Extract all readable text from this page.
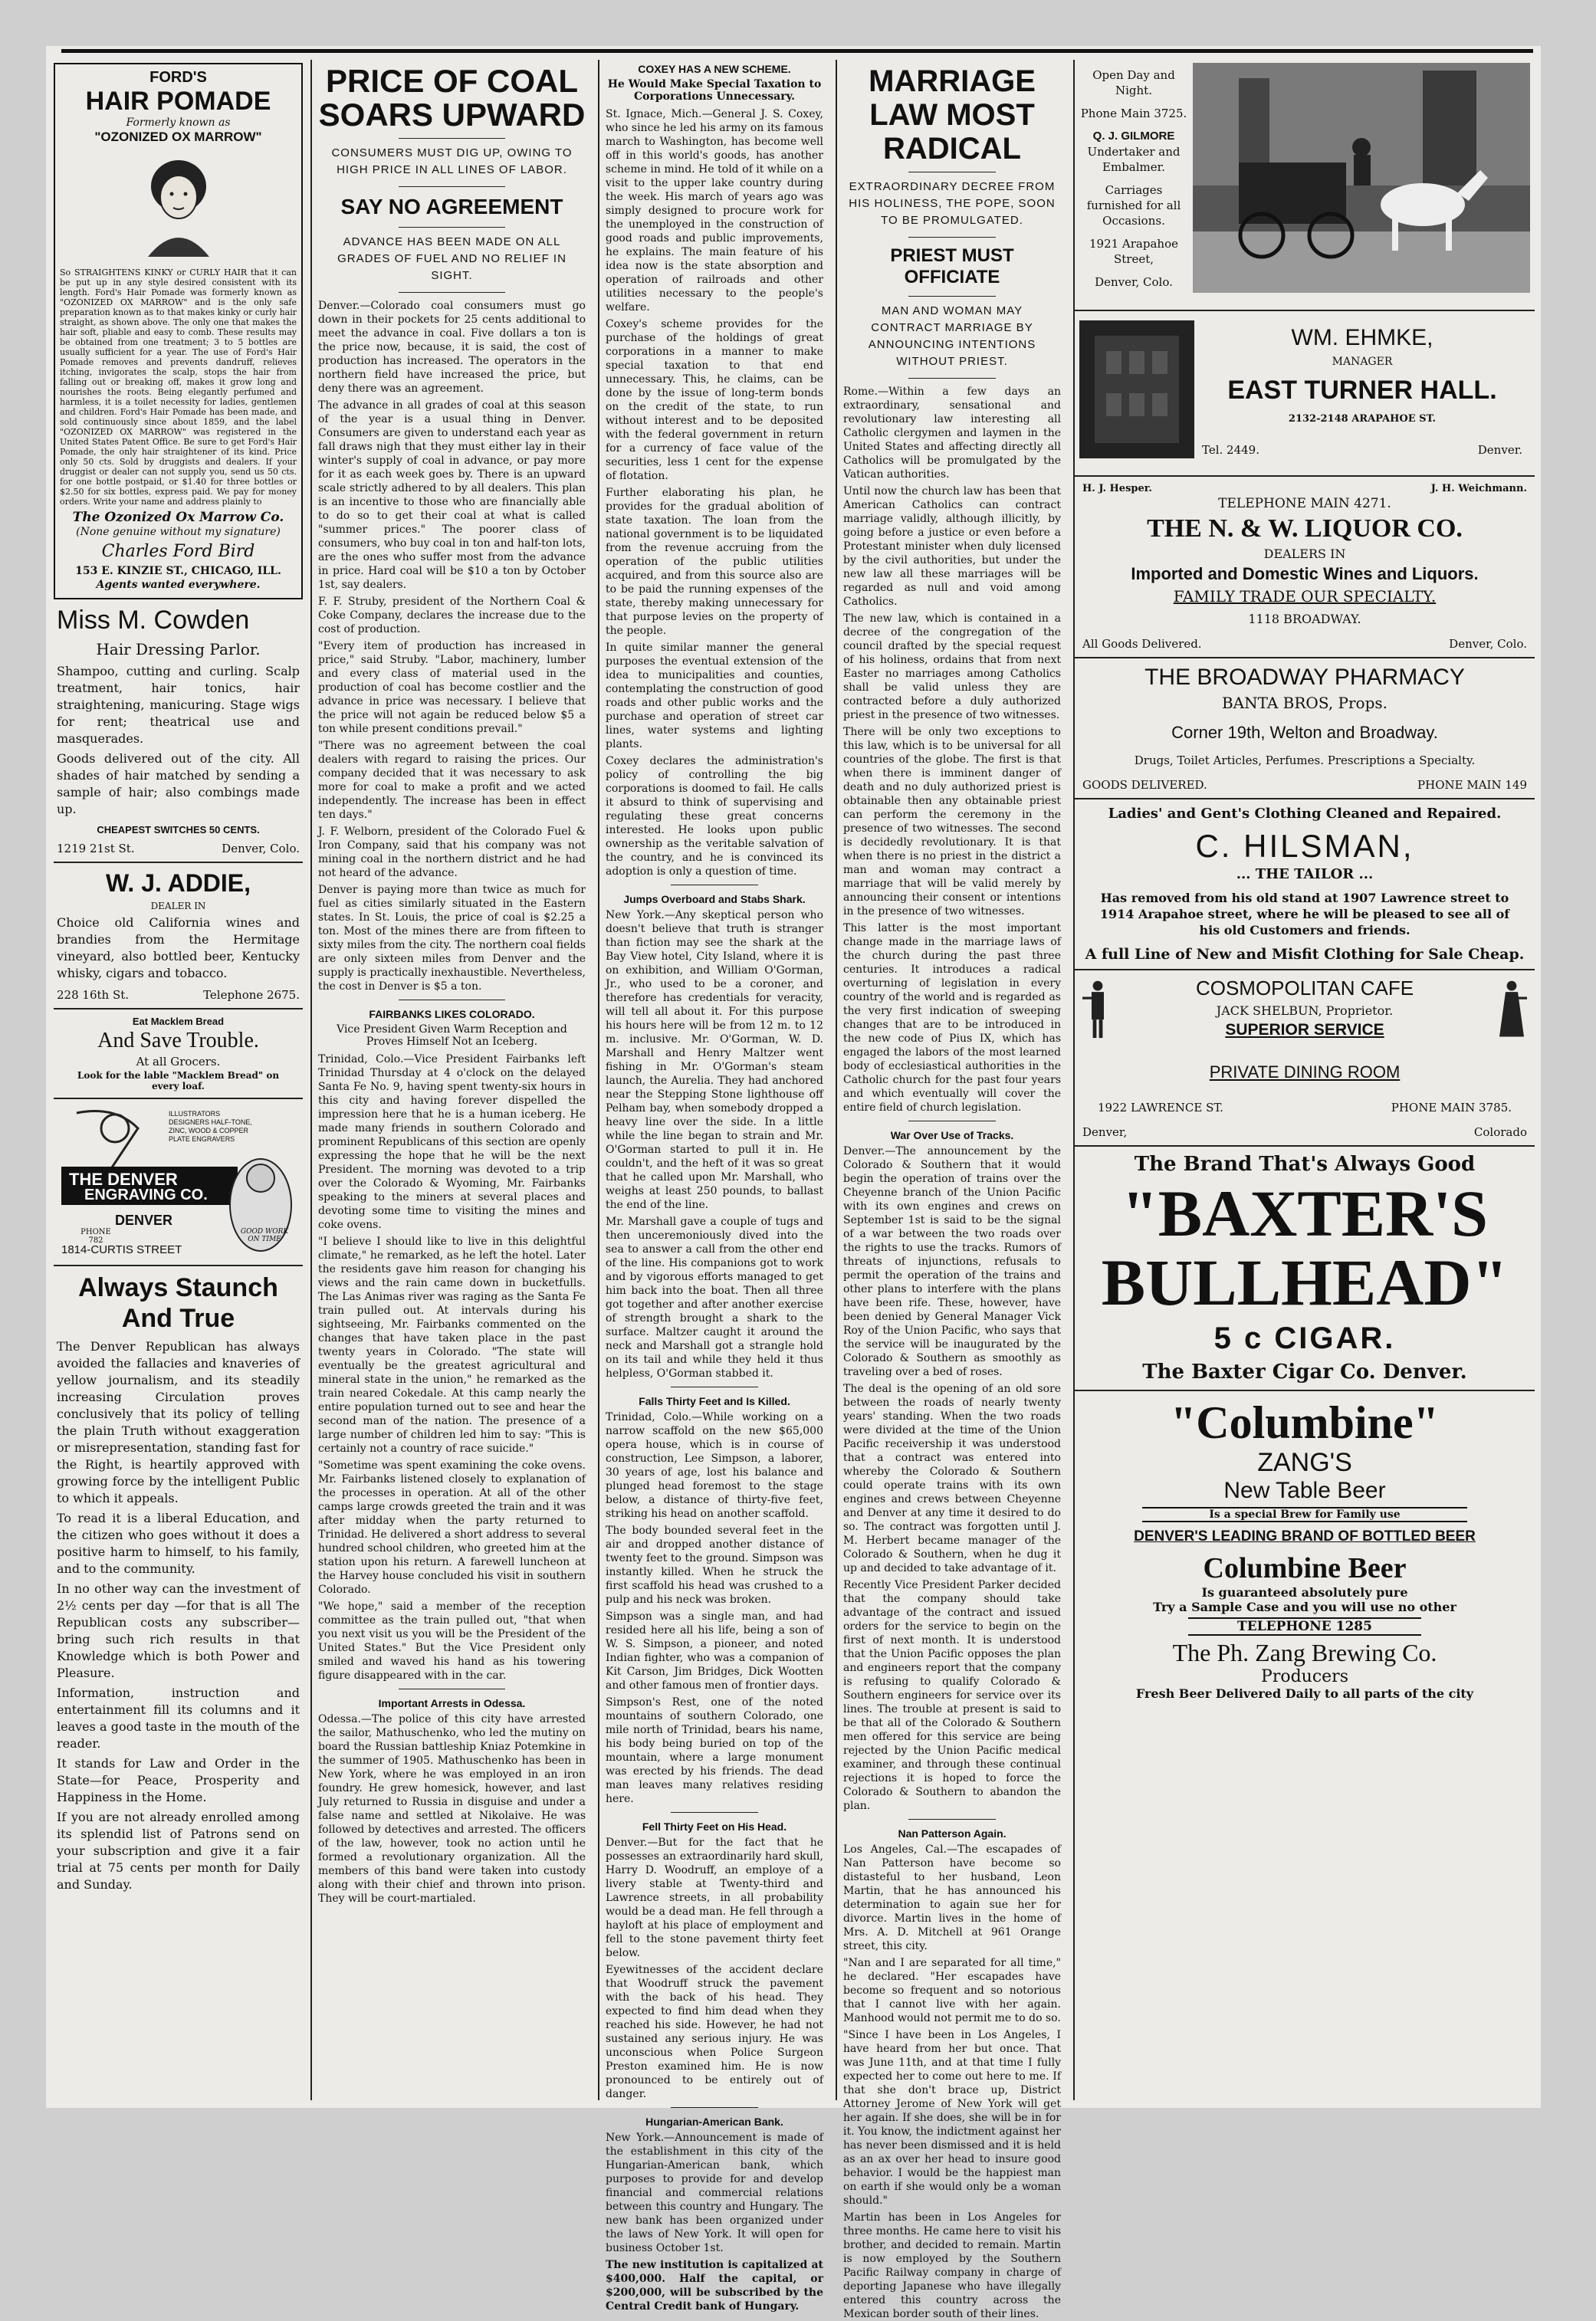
FORD'S
HAIR POMADE
Formerly known as
"OZONIZED OX MARROW"
So STRAIGHTENS KINKY or CURLY HAIR that it can be put up in any style desired consistent with its length. Ford's Hair Pomade was formerly known as "OZONIZED OX MARROW" and is the only safe preparation known as to that makes kinky or curly hair straight, as shown above. The only one that makes the hair soft, pliable and easy to comb. These results may be obtained from one treatment; 3 to 5 bottles are usually sufficient for a year. The use of Ford's Hair Pomade removes and prevents dandruff, relieves itching, invigorates the scalp, stops the hair from falling out or breaking off, makes it grow long and nourishes the roots. Being elegantly perfumed and harmless, it is a toilet necessity for ladies, gentlemen and children. Ford's Hair Pomade has been made, and sold continuously since about 1859, and the label "OZONIZED OX MARROW" was registered in the United States Patent Office. Be sure to get Ford's Hair Pomade, the only hair straightener of its kind. Price only 50 cts. Sold by druggists and dealers. If your druggist or dealer can not supply you, send us 50 cts. for one bottle postpaid, or $1.40 for three bottles or $2.50 for six bottles, express paid. We pay for money orders. Write your name and address plainly to
The Ozonized Ox Marrow Co.
(None genuine without my signature)
Charles Ford Bird
153 E. KINZIE ST., CHICAGO, ILL.
Agents wanted everywhere.
Miss M. Cowden
Hair Dressing Parlor.
Shampoo, cutting and curling. Scalp treatment, hair tonics, hair straightening, manicuring. Stage wigs for rent; theatrical use and masquerades.
Goods delivered out of the city. All shades of hair matched by sending a sample of hair; also combings made up.
CHEAPEST SWITCHES 50 CENTS.
1219 21st St.	Denver, Colo.
W. J. ADDIE,
DEALER IN
Choice old California wines and brandies from the Hermitage vineyard, also bottled beer, Kentucky whisky, cigars and tobacco.
228 16th St.	Telephone 2675.
Eat Macklem Bread
And Save Trouble.
At all Grocers.
Look for the lable "Macklem Bread" on every loaf.
ILLUSTRATORS DESIGNERS HALF-TONE, ZINC, WOOD & COPPER PLATE ENGRAVERS
THE DENVER
ENGRAVING CO.
DENVER
PHONE 782
GOOD WORK ON TIME
1814-CURTIS STREET
Always Staunch And True
The Denver Republican has always avoided the fallacies and knaveries of yellow journalism, and its steadily increasing Circulation proves conclusively that its policy of telling the plain Truth without exaggeration or misrepresentation, standing fast for the Right, is heartily approved with growing force by the intelligent Public to which it appeals.
To read it is a liberal Education, and the citizen who goes without it does a positive harm to himself, to his family, and to the community.
In no other way can the investment of 2½ cents per day —for that is all The Republican costs any subscriber—bring such rich results in that Knowledge which is both Power and Pleasure.
Information, instruction and entertainment fill its columns and it leaves a good taste in the mouth of the reader.
It stands for Law and Order in the State—for Peace, Prosperity and Happiness in the Home.
If you are not already enrolled among its splendid list of Patrons send on your subscription and give it a fair trial at 75 cents per month for Daily and Sunday.
PRICE OF COAL SOARS UPWARD
CONSUMERS MUST DIG UP, OWING TO HIGH PRICE IN ALL LINES OF LABOR.
SAY NO AGREEMENT
ADVANCE HAS BEEN MADE ON ALL GRADES OF FUEL AND NO RELIEF IN SIGHT.
Denver.—Colorado coal consumers must go down in their pockets for 25 cents additional to meet the advance in coal. Five dollars a ton is the price now, because, it is said, the cost of production has increased. The operators in the northern field have increased the price, but deny there was an agreement.
The advance in all grades of coal at this season of the year is a usual thing in Denver. Consumers are given to understand each year as fall draws nigh that they must either lay in their winter's supply of coal in advance, or pay more for it as each week goes by. There is an upward scale strictly adhered to by all dealers. This plan is an incentive to those who are financially able to do so to get their coal at what is called "summer prices." The poorer class of consumers, who buy coal in ton and half-ton lots, are the ones who suffer most from the advance in price. Hard coal will be $10 a ton by October 1st, say dealers.
F. F. Struby, president of the Northern Coal & Coke Company, declares the increase due to the cost of production.
"Every item of production has increased in price," said Struby. "Labor, machinery, lumber and every class of material used in the production of coal has become costlier and the advance in price was necessary. I believe that the price will not again be reduced below $5 a ton while present conditions prevail."
"There was no agreement between the coal dealers with regard to raising the prices. Our company decided that it was necessary to ask more for coal to make a profit and we acted independently. The increase has been in effect ten days."
J. F. Welborn, president of the Colorado Fuel & Iron Company, said that his company was not mining coal in the northern district and he had not heard of the advance.
Denver is paying more than twice as much for fuel as cities similarly situated in the Eastern states. In St. Louis, the price of coal is $2.25 a ton. Most of the mines there are from fifteen to sixty miles from the city. The northern coal fields are only sixteen miles from Denver and the supply is practically inexhaustible. Nevertheless, the cost in Denver is $5 a ton.
FAIRBANKS LIKES COLORADO.
Vice President Given Warm Reception and Proves Himself Not an Iceberg.
Trinidad, Colo.—Vice President Fairbanks left Trinidad Thursday at 4 o'clock on the delayed Santa Fe No. 9, having spent twenty-six hours in this city and having forever dispelled the impression here that he is a human iceberg. He made many friends in southern Colorado and prominent Republicans of this section are openly expressing the hope that he will be the next President. The morning was devoted to a trip over the Colorado & Wyoming, Mr. Fairbanks speaking to the miners at several places and devoting some time to visiting the mines and coke ovens.
"I believe I should like to live in this delightful climate," he remarked, as he left the hotel. Later the residents gave him reason for changing his views and the rain came down in bucketfulls. The Las Animas river was raging as the Santa Fe train pulled out. At intervals during his sightseeing, Mr. Fairbanks commented on the changes that have taken place in the past twenty years in Colorado. "The state will eventually be the greatest agricultural and mineral state in the union," he remarked as the train neared Cokedale. At this camp nearly the entire population turned out to see and hear the second man of the nation. The presence of a large number of children led him to say: "This is certainly not a country of race suicide."
"Sometime was spent examining the coke ovens. Mr. Fairbanks listened closely to explanation of the processes in operation. At all of the other camps large crowds greeted the train and it was after midday when the party returned to Trinidad. He delivered a short address to several hundred school children, who greeted him at the station upon his return. A farewell luncheon at the Harvey house concluded his visit in southern Colorado.
"We hope," said a member of the reception committee as the train pulled out, "that when you next visit us you will be the President of the United States." But the Vice President only smiled and waved his hand as his towering figure disappeared with in the car.
Important Arrests in Odessa.
Odessa.—The police of this city have arrested the sailor, Mathuschenko, who led the mutiny on board the Russian battleship Kniaz Potemkine in the summer of 1905. Mathuschenko has been in New York, where he was employed in an iron foundry. He grew homesick, however, and last July returned to Russia in disguise and under a false name and settled at Nikolaive. He was followed by detectives and arrested. The officers of the law, however, took no action until he formed a revolutionary organization. All the members of this band were taken into custody along with their chief and thrown into prison. They will be court-martialed.
COXEY HAS A NEW SCHEME.
He Would Make Special Taxation to Corporations Unnecessary.
St. Ignace, Mich.—General J. S. Coxey, who since he led his army on its famous march to Washington, has become well off in this world's goods, has another scheme in mind. He told of it while on a visit to the upper lake country during the week. His march of years ago was simply designed to procure work for the unemployed in the construction of good roads and public improvements, he explains. The main feature of his idea now is the state absorption and operation of railroads and other utilities necessary to the people's welfare.
Coxey's scheme provides for the purchase of the holdings of great corporations in a manner to make special taxation to that end unnecessary. This, he claims, can be done by the issue of long-term bonds on the credit of the state, to run without interest and to be deposited with the federal government in return for a currency of face value of the securities, less 1 cent for the expense of flotation.
Further elaborating his plan, he provides for the gradual abolition of state taxation. The loan from the national government is to be liquidated from the revenue accruing from the operation of the public utilities acquired, and from this source also are to be paid the running expenses of the state, thereby making unnecessary for that purpose levies on the property of the people.
In quite similar manner the general purposes the eventual extension of the idea to municipalities and counties, contemplating the construction of good roads and other public works and the purchase and operation of street car lines, water systems and lighting plants.
Coxey declares the administration's policy of controlling the big corporations is doomed to fail. He calls it absurd to think of supervising and regulating these great concerns interested. He looks upon public ownership as the veritable salvation of the country, and he is convinced its adoption is only a question of time.
Jumps Overboard and Stabs Shark.
New York.—Any skeptical person who doesn't believe that truth is stranger than fiction may see the shark at the Bay View hotel, City Island, where it is on exhibition, and William O'Gorman, Jr., who used to be a coroner, and therefore has credentials for veracity, will tell all about it. For this purpose his hours here will be from 12 m. to 12 m. inclusive. Mr. O'Gorman, W. D. Marshall and Henry Maltzer went fishing in Mr. O'Gorman's steam launch, the Aurelia. They had anchored near the Stepping Stone lighthouse off Pelham bay, when somebody dropped a heavy line over the side. In a little while the line began to strain and Mr. O'Gorman started to pull it in. He couldn't, and the heft of it was so great that he called upon Mr. Marshall, who weighs at least 250 pounds, to ballast the end of the line.
Mr. Marshall gave a couple of tugs and then unceremoniously dived into the sea to answer a call from the other end of the line. His companions got to work and by vigorous efforts managed to get him back into the boat. Then all three got together and after another exercise of strength brought a shark to the surface. Maltzer caught it around the neck and Marshall got a strangle hold on its tail and while they held it thus helpless, O'Gorman stabbed it.
Falls Thirty Feet and Is Killed.
Trinidad, Colo.—While working on a narrow scaffold on the new $65,000 opera house, which is in course of construction, Lee Simpson, a laborer, 30 years of age, lost his balance and plunged head foremost to the stage below, a distance of thirty-five feet, striking his head on another scaffold.
The body bounded several feet in the air and dropped another distance of twenty feet to the ground. Simpson was instantly killed. When he struck the first scaffold his head was crushed to a pulp and his neck was broken.
Simpson was a single man, and had resided here all his life, being a son of W. S. Simpson, a pioneer, and noted Indian fighter, who was a companion of Kit Carson, Jim Bridges, Dick Wootten and other famous men of frontier days.
Simpson's Rest, one of the noted mountains of southern Colorado, one mile north of Trinidad, bears his name, his body being buried on top of the mountain, where a large monument was erected by his friends. The dead man leaves many relatives residing here.
Fell Thirty Feet on His Head.
Denver.—But for the fact that he possesses an extraordinarily hard skull, Harry D. Woodruff, an employe of a livery stable at Twenty-third and Lawrence streets, in all probability would be a dead man. He fell through a hayloft at his place of employment and fell to the stone pavement thirty feet below.
Eyewitnesses of the accident declare that Woodruff struck the pavement with the back of his head. They expected to find him dead when they reached his side. However, he had not sustained any serious injury. He was unconscious when Police Surgeon Preston examined him. He is now pronounced to be entirely out of danger.
Hungarian-American Bank.
New York.—Announcement is made of the establishment in this city of the Hungarian-American bank, which purposes to provide for and develop financial and commercial relations between this country and Hungary. The new bank has been organized under the laws of New York. It will open for business October 1st.
The new institution is capitalized at $400,000. Half the capital, or $200,000, will be subscribed by the Central Credit bank of Hungary.
MARRIAGE LAW MOST RADICAL
EXTRAORDINARY DECREE FROM HIS HOLINESS, THE POPE, SOON TO BE PROMULGATED.
PRIEST MUST OFFICIATE
MAN AND WOMAN MAY CONTRACT MARRIAGE BY ANNOUNCING INTENTIONS WITHOUT PRIEST.
Rome.—Within a few days an extraordinary, sensational and revolutionary law interesting all Catholic clergymen and laymen in the United States and affecting directly all Catholics will be promulgated by the Vatican authorities.
Until now the church law has been that American Catholics can contract marriage validly, although illicitly, by going before a justice or even before a Protestant minister when duly licensed by the civil authorities, but under the new law all these marriages will be regarded as null and void among Catholics.
The new law, which is contained in a decree of the congregation of the council drafted by the special request of his holiness, ordains that from next Easter no marriages among Catholics shall be valid unless they are contracted before a duly authorized priest in the presence of two witnesses.
There will be only two exceptions to this law, which is to be universal for all countries of the globe. The first is that when there is imminent danger of death and no duly authorized priest is obtainable then any obtainable priest can perform the ceremony in the presence of two witnesses. The second is decidedly revolutionary. It is that when there is no priest in the district a man and woman may contract a marriage that will be valid merely by announcing their consent or intentions in the presence of two witnesses.
This latter is the most important change made in the marriage laws of the church during the past three centuries. It introduces a radical overturning of legislation in every country of the world and is regarded as the very first indication of sweeping changes that are to be introduced in the new code of Pius IX, which has engaged the labors of the most learned body of ecclesiastical authorities in the Catholic church for the past four years and which eventually will cover the entire field of church legislation.
War Over Use of Tracks.
Denver.—The announcement by the Colorado & Southern that it would begin the operation of trains over the Cheyenne branch of the Union Pacific with its own engines and crews on September 1st is said to be the signal of a war between the two roads over the rights to use the tracks. Rumors of threats of injunctions, refusals to permit the operation of the trains and other plans to interfere with the plans have been rife. These, however, have been denied by General Manager Vick Roy of the Union Pacific, who says that the service will be inaugurated by the Colorado & Southern as smoothly as traveling over a bed of roses.
The deal is the opening of an old sore between the roads of nearly twenty years' standing. When the two roads were divided at the time of the Union Pacific receivership it was understood that a contract was entered into whereby the Colorado & Southern could operate trains with its own engines and crews between Cheyenne and Denver at any time it desired to do so. The contract was forgotten until J. M. Herbert became manager of the Colorado & Southern, when he dug it up and decided to take advantage of it.
Recently Vice President Parker decided that the company should take advantage of the contract and issued orders for the service to begin on the first of next month. It is understood that the Union Pacific opposes the plan and engineers report that the company is refusing to qualify Colorado & Southern engineers for service over its lines. The trouble at present is said to be that all of the Colorado & Southern men offered for this service are being rejected by the Union Pacific medical examiner, and through these continual rejections it is hoped to force the Colorado & Southern to abandon the plan.
Nan Patterson Again.
Los Angeles, Cal.—The escapades of Nan Patterson have become so distasteful to her husband, Leon Martin, that he has announced his determination to again sue her for divorce. Martin lives in the home of Mrs. A. D. Mitchell at 961 Orange street, this city.
"Nan and I are separated for all time," he declared. "Her escapades have become so frequent and so notorious that I cannot live with her again. Manhood would not permit me to do so.
"Since I have been in Los Angeles, I have heard from her but once. That was June 11th, and at that time I fully expected her to come out here to me. If that she don't brace up, District Attorney Jerome of New York will get her again. If she does, she will be in for it. You know, the indictment against her has never been dismissed and it is held as an ax over her head to insure good behavior. I would be the happiest man on earth if she would only be a woman should."
Martin has been in Los Angeles for three months. He came here to visit his brother, and decided to remain. Martin is now employed by the Southern Pacific Railway company in charge of deporting Japanese who have illegally entered this country across the Mexican border south of their lines.
Open Day and Night.
Phone Main 3725.
Q. J. GILMORE
Undertaker and Embalmer.
Carriages furnished for all Occasions.
1921 Arapahoe Street,
Denver, Colo.
WM. EHMKE,
MANAGER
EAST TURNER HALL.
2132-2148 ARAPAHOE ST.
Tel. 2449.	Denver.
H. J. Hesper.	J. H. Weichmann.
TELEPHONE MAIN 4271.
THE N. & W. LIQUOR CO.
DEALERS IN
Imported and Domestic Wines and Liquors.
FAMILY TRADE OUR SPECIALTY.
1118 BROADWAY.
All Goods Delivered.	Denver, Colo.
THE BROADWAY PHARMACY
BANTA BROS, Props.
Corner 19th, Welton and Broadway.
Drugs, Toilet Articles, Perfumes. Prescriptions a Specialty.
GOODS DELIVERED.	PHONE MAIN 149
Ladies' and Gent's Clothing Cleaned and Repaired.
C. HILSMAN,
... THE TAILOR ...
Has removed from his old stand at 1907 Lawrence street to 1914 Arapahoe street, where he will be pleased to see all of his old Customers and friends.
A full Line of New and Misfit Clothing for Sale Cheap.
COSMOPOLITAN CAFE
JACK SHELBUN, Proprietor.
SUPERIOR SERVICE
PRIVATE DINING ROOM
1922 LAWRENCE ST.	PHONE MAIN 3785.
Denver,	Colorado
The Brand That's Always Good
"BAXTER'S
BULLHEAD"
5 c CIGAR.
The Baxter Cigar Co. Denver.
"Columbine"
ZANG'S
New Table Beer
Is a special Brew for Family use
DENVER'S LEADING BRAND OF BOTTLED BEER
Columbine Beer
Is guaranteed absolutely pure
Try a Sample Case and you will use no other
TELEPHONE 1285
The Ph. Zang Brewing Co.
Producers
Fresh Beer Delivered Daily to all parts of the city
